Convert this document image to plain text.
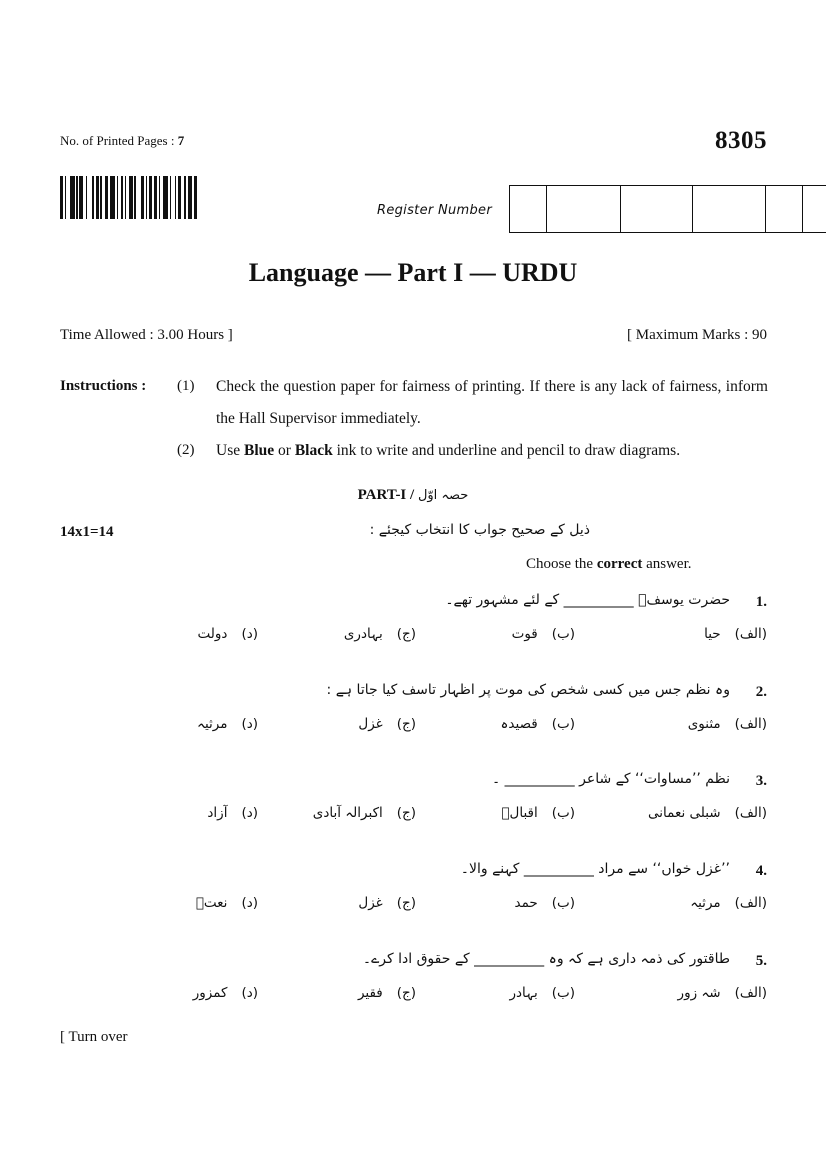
No. of Printed Pages : 7	8305
Register Number
Language — Part I — URDU
Time Allowed : 3.00 Hours ]	[ Maximum Marks : 90
Instructions : (1) Check the question paper for fairness of printing. If there is any lack of fairness, inform the Hall Supervisor immediately.
(2) Use Blue or Black ink to write and underline and pencil to draw diagrams.
PART-I / حصہ اوّل
14x1=14	ذیل کے صحیح جواب کا انتخاب کیجئے :
Choose the correct answer.
1.
حضرت یوسفؑ __________ کے لئے مشہور تھے۔
(الف)حیا
(ب)قوت
(ج)بہادری
(د)دولت
2.
وہ نظم جس میں کسی شخص کی موت پر اظہار تاسف کیا جاتا ہے :
(الف)مثنوی
(ب)قصیدہ
(ج)غزل
(د)مرثیہ
3.
نظم ’’مساوات‘‘ کے شاعر __________ ۔
(الف)شبلی نعمانی
(ب)اقبالؔ
(ج)اکبرالہ آبادی
(د)آزاد
4.
’’غزل خواں‘‘ سے مراد __________ کہنے والا۔
(الف)مرثیہ
(ب)حمد
(ج)غزل
(د)نعتؐ
5.
طاقتور کی ذمہ داری ہے کہ وہ __________ کے حقوق ادا کرے۔
(الف)شہ زور
(ب)بہادر
(ج)فقیر
(د)کمزور
[ Turn over
